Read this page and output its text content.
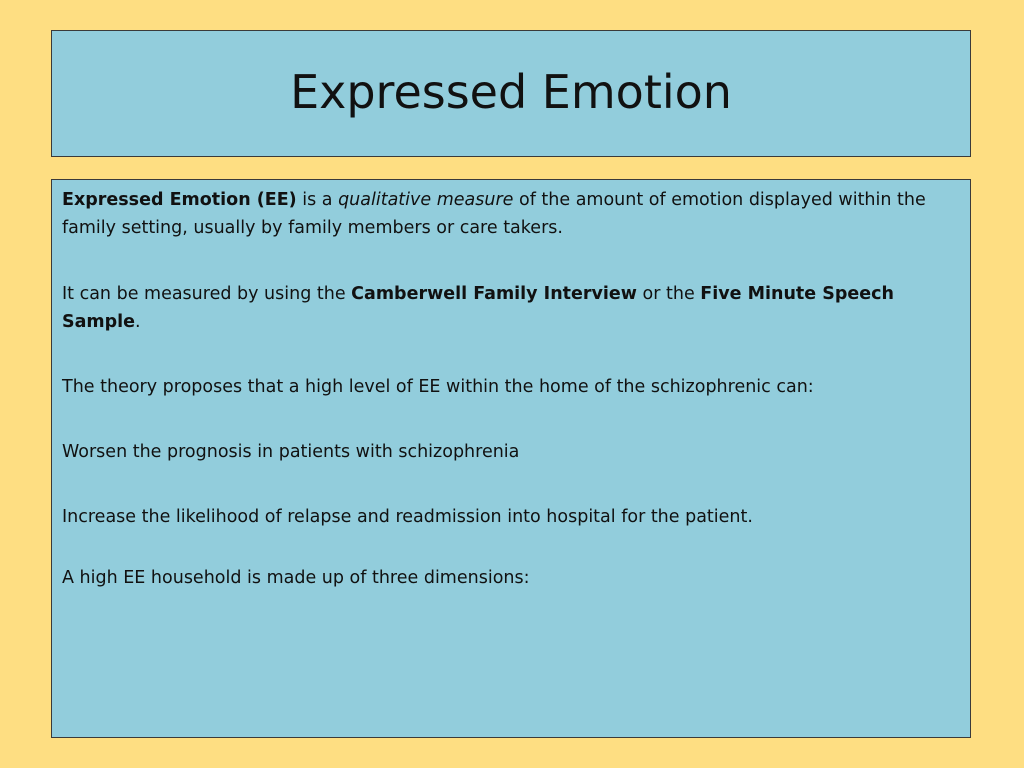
Expressed Emotion

Expressed Emotion (EE) is a qualitative measure of the amount of emotion displayed within the family setting, usually by family members or care takers.

It can be measured by using the Camberwell Family Interview or the Five Minute Speech Sample.

The theory proposes that a high level of EE within the home of the schizophrenic can:

Worsen the prognosis in patients with schizophrenia

Increase the likelihood of relapse and readmission into hospital for the patient.

A high EE household is made up of three dimensions:
